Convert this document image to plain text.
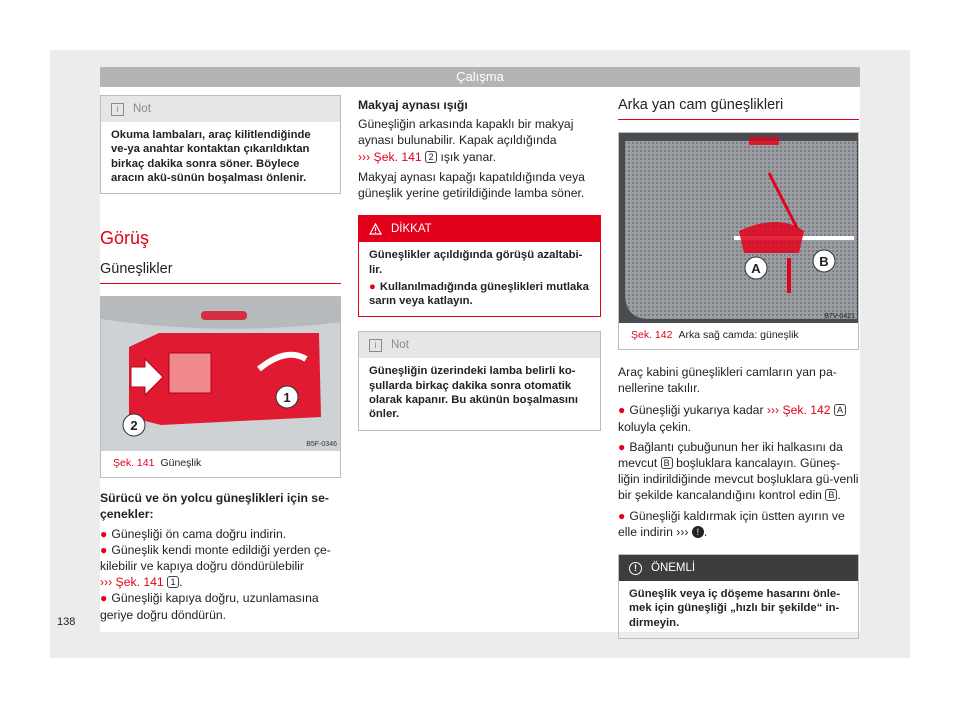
Çalışma
i	Not
Okuma lambaları, araç kilitlendiğinde ve-ya anahtar kontaktan çıkarıldıktan birkaç dakika sonra söner. Böylece aracın akü-sünün boşalması önlenir.
Görüş
Güneşlikler
1
2
B5F-0346
Şek. 141 Güneşlik

Sürücü ve ön yolcu güneşlikleri için se-çenekler:

● Güneşliği ön cama doğru indirin.

● Güneşlik kendi monte edildiği yerden çe-kilebilir ve kapıya doğru döndürülebilir
››› Şek. 141 1 .

● Güneşliği kapıya doğru, uzunlamasına geriye doğru döndürün.

Makyaj aynası ışığı

Güneşliğin arkasında kapaklı bir makyaj aynası bulunabilir. Kapak açıldığında
››› Şek. 141 2 ışık yanar.

Makyaj aynası kapağı kapatıldığında veya güneşlik yerine getirildiğinde lamba söner.

DİKKAT
Güneşlikler açıldığında görüşü azaltabi-lir.
● Kullanılmadığında güneşlikleri mutlaka sarın veya katlayın.
i	Not
Güneşliğin üzerindeki lamba belirli ko-şullarda birkaç dakika sonra otomatik olarak kapanır. Bu akünün boşalmasını önler.
Arka yan cam güneşlikleri
A	B
B7V-0421
Şek. 142 Arka sağ camda: güneşlik

Araç kabini güneşlikleri camların yan pa-nellerine takılır.

● Güneşliği yukarıya kadar ››› Şek. 142 A
koluyla çekin.

● Bağlantı çubuğunun her iki halkasını da mevcut B boşluklara kancalayın. Güneş-liğin indirildiğinde mevcut boşluklara gü-venli bir şekilde kancalandığını kontrol edin B .

● Güneşliği kaldırmak için üstten ayırın ve elle indirin ››› ! .

!	ÖNEMLİ
Güneşlik veya iç döşeme hasarını önle-mek için güneşliği „hızlı bir şekilde“ in-dirmeyin.
138
